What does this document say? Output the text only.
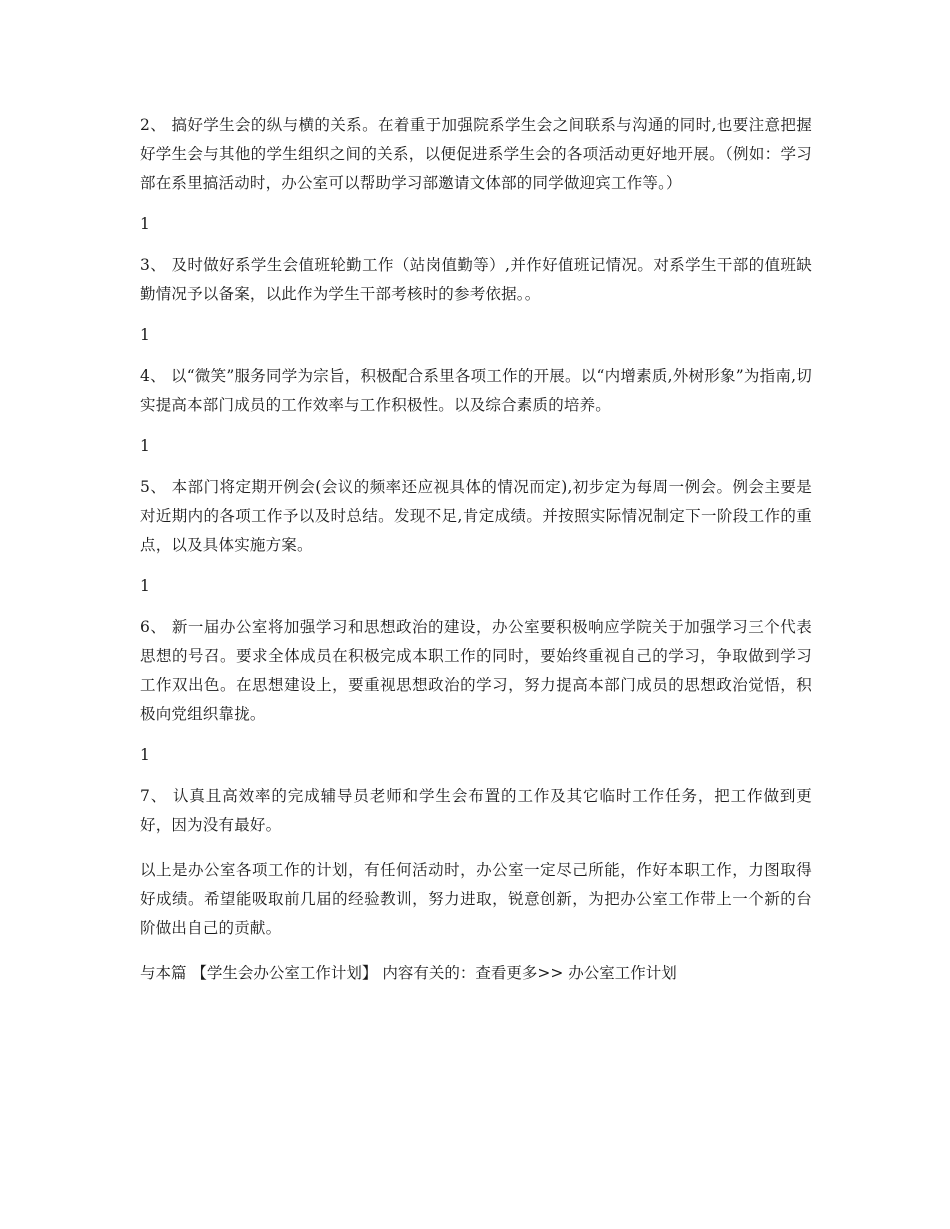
2、 搞好学生会的纵与横的关系。在着重于加强院系学生会之间联系与沟通的同时,也要注意把握好学生会与其他的学生组织之间的关系，以便促进系学生会的各项活动更好地开展。（例如：学习部在系里搞活动时，办公室可以帮助学习部邀请文体部的同学做迎宾工作等。）

1

3、 及时做好系学生会值班轮勤工作（站岗值勤等）,并作好值班记情况。对系学生干部的值班缺勤情况予以备案，以此作为学生干部考核时的参考依据。。

1

4、 以“微笑”服务同学为宗旨，积极配合系里各项工作的开展。以“内增素质,外树形象”为指南,切实提高本部门成员的工作效率与工作积极性。以及综合素质的培养。

1

5、 本部门将定期开例会(会议的频率还应视具体的情况而定),初步定为每周一例会。例会主要是对近期内的各项工作予以及时总结。发现不足,肯定成绩。并按照实际情况制定下一阶段工作的重点，以及具体实施方案。

1

6、 新一届办公室将加强学习和思想政治的建设，办公室要积极响应学院关于加强学习三个代表思想的号召。要求全体成员在积极完成本职工作的同时，要始终重视自己的学习，争取做到学习工作双出色。在思想建设上，要重视思想政治的学习，努力提高本部门成员的思想政治觉悟，积极向党组织靠拢。

1

7、 认真且高效率的完成辅导员老师和学生会布置的工作及其它临时工作任务，把工作做到更好，因为没有最好。

以上是办公室各项工作的计划，有任何活动时，办公室一定尽己所能，作好本职工作，力图取得好成绩。希望能吸取前几届的经验教训，努力进取，锐意创新，为把办公室工作带上一个新的台阶做出自己的贡献。

与本篇 【学生会办公室工作计划】 内容有关的：查看更多>> 办公室工作计划
